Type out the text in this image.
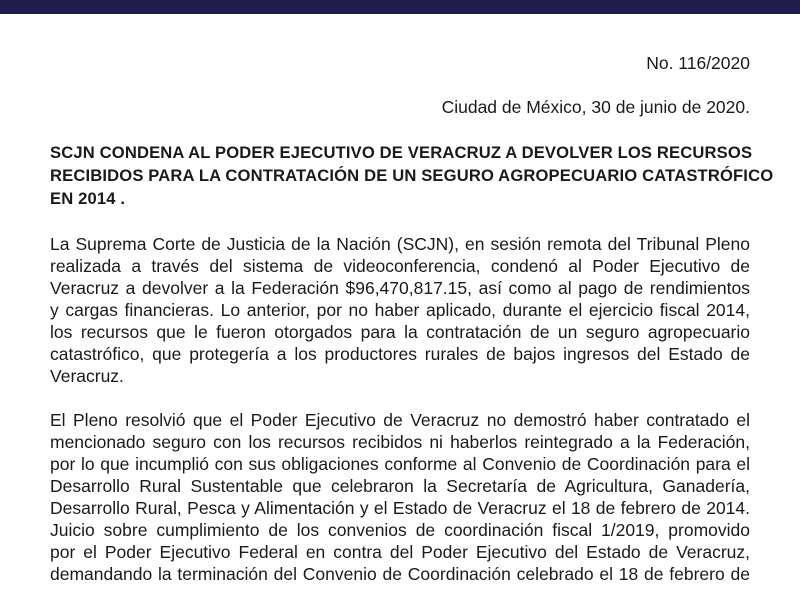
No. 116/2020
Ciudad de México, 30 de junio de 2020.
SCJN CONDENA AL PODER EJECUTIVO DE VERACRUZ A DEVOLVER LOS RECURSOS
RECIBIDOS PARA LA CONTRATACIÓN DE UN SEGURO AGROPECUARIO CATASTRÓFICO
EN 2014 .

La Suprema Corte de Justicia de la Nación (SCJN), en sesión remota del Tribunal Pleno
realizada a través del sistema de videoconferencia, condenó al Poder Ejecutivo de
Veracruz a devolver a la Federación $96,470,817.15, así como al pago de rendimientos
y cargas financieras. Lo anterior, por no haber aplicado, durante el ejercicio fiscal 2014,
los recursos que le fueron otorgados para la contratación de un seguro agropecuario
catastrófico, que protegería a los productores rurales de bajos ingresos del Estado de
Veracruz.

El Pleno resolvió que el Poder Ejecutivo de Veracruz no demostró haber contratado el
mencionado seguro con los recursos recibidos ni haberlos reintegrado a la Federación,
por lo que incumplió con sus obligaciones conforme al Convenio de Coordinación para el
Desarrollo Rural Sustentable que celebraron la Secretaría de Agricultura, Ganadería,
Desarrollo Rural, Pesca y Alimentación y el Estado de Veracruz el 18 de febrero de 2014.
Juicio sobre cumplimiento de los convenios de coordinación fiscal 1/2019, promovido
por el Poder Ejecutivo Federal en contra del Poder Ejecutivo del Estado de Veracruz,
demandando la terminación del Convenio de Coordinación celebrado el 18 de febrero de
